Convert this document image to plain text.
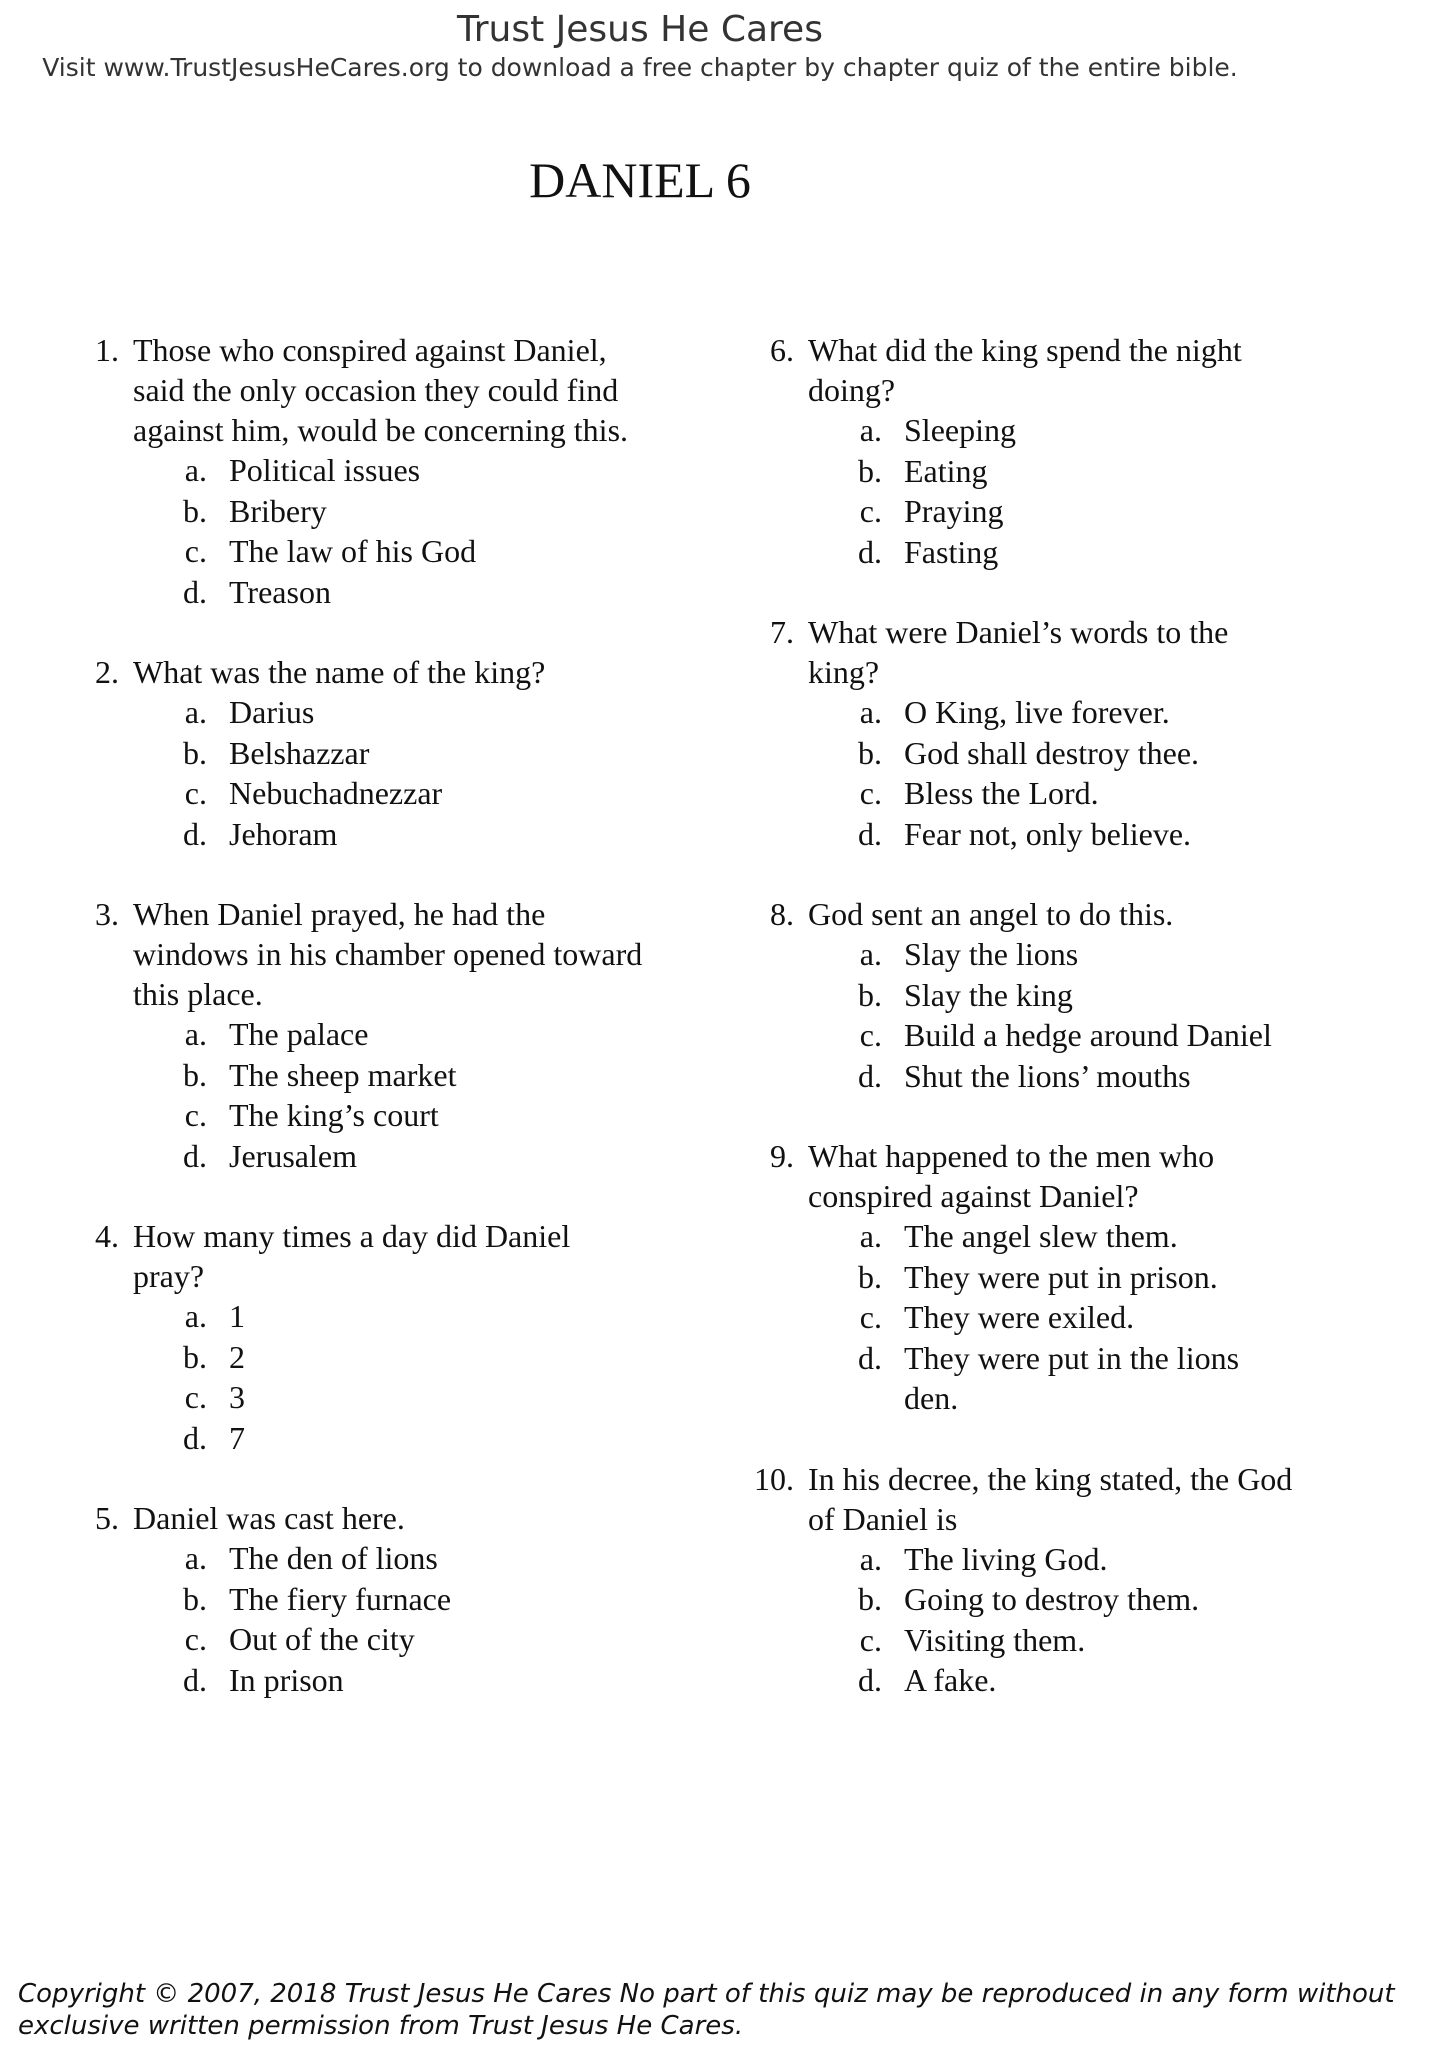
Trust Jesus He Cares
Visit www.TrustJesusHeCares.org to download a free chapter by chapter quiz of the entire bible.
DANIEL 6
1. Those who conspired against Daniel, said the only occasion they could find against him, would be concerning this.
a. Political issues
b. Bribery
c. The law of his God
d. Treason
2. What was the name of the king?
a. Darius
b. Belshazzar
c. Nebuchadnezzar
d. Jehoram
3. When Daniel prayed, he had the windows in his chamber opened toward this place.
a. The palace
b. The sheep market
c. The king’s court
d. Jerusalem
4. How many times a day did Daniel pray?
a. 1
b. 2
c. 3
d. 7
5. Daniel was cast here.
a. The den of lions
b. The fiery furnace
c. Out of the city
d. In prison
6. What did the king spend the night doing?
a. Sleeping
b. Eating
c. Praying
d. Fasting
7. What were Daniel’s words to the king?
a. O King, live forever.
b. God shall destroy thee.
c. Bless the Lord.
d. Fear not, only believe.
8. God sent an angel to do this.
a. Slay the lions
b. Slay the king
c. Build a hedge around Daniel
d. Shut the lions’ mouths
9. What happened to the men who conspired against Daniel?
a. The angel slew them.
b. They were put in prison.
c. They were exiled.
d. They were put in the lions den.
10. In his decree, the king stated, the God of Daniel is
a. The living God.
b. Going to destroy them.
c. Visiting them.
d. A fake.
Copyright © 2007, 2018 Trust Jesus He Cares No part of this quiz may be reproduced in any form without
exclusive written permission from Trust Jesus He Cares.
